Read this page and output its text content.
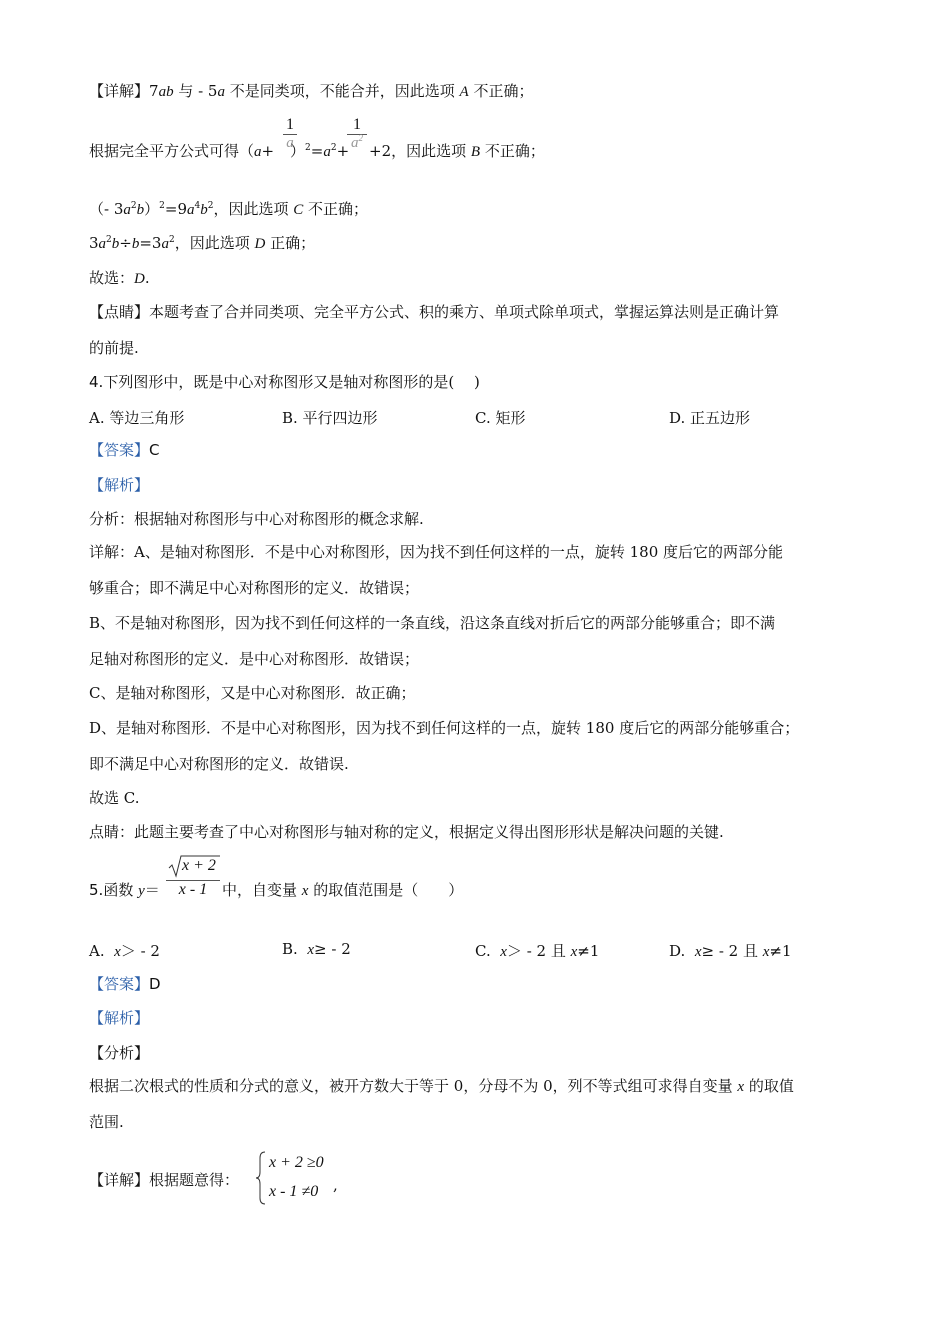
【详解】7ab 与 - 5a 不是同类项，不能合并，因此选项 A 不正确；
1
a
1
$a^2$
根据完全平方公式可得（ $a+ )^2=a^2+ +2$，因此选项 B 不正确；
（- $3a^2b)^2=9a^4b^2$，因此选项 C 不正确；
$3a^2b\div b=3a^2$，因此选项 D 正确；
故选：D.
【点睛】本题考查了合并同类项、完全平方公式、积的乘方、单项式除单项式，掌握运算法则是正确计算
的前提.
4.下列图形中，既是中心对称图形又是轴对称图形的是(　 )
A. 等边三角形	B. 平行四边形	C. 矩形	D. 正五边形
【答案】C
【解析】
分析：根据轴对称图形与中心对称图形的概念求解.
详解：A、是轴对称图形．不是中心对称图形，因为找不到任何这样的一点，旋转 180 度后它的两部分能
够重合；即不满足中心对称图形的定义．故错误；
B、不是轴对称图形，因为找不到任何这样的一条直线，沿这条直线对折后它的两部分能够重合；即不满
足轴对称图形的定义．是中心对称图形．故错误；
C、是轴对称图形，又是中心对称图形．故正确；
D、是轴对称图形．不是中心对称图形，因为找不到任何这样的一点，旋转 180 度后它的两部分能够重合；
即不满足中心对称图形的定义．故错误.
故选 C.
点睛：此题主要考查了中心对称图形与轴对称的定义，根据定义得出图形形状是解决问题的关键.
5.函数 y＝
x + 2
x - 1 中，自变量 x 的取值范围是（　　）
A. x＞ - 2	B. x≥ - 2	C. x＞ - 2 且 x≠1	D. x≥ - 2 且 x≠1
【答案】D
【解析】
【分析】
根据二次根式的性质和分式的意义，被开方数大于等于 0，分母不为 0，列不等式组可求得自变量 x 的取值
范围.
【详解】根据题意得：
x + 2 ≥0
x - 1 ≠0 ,
